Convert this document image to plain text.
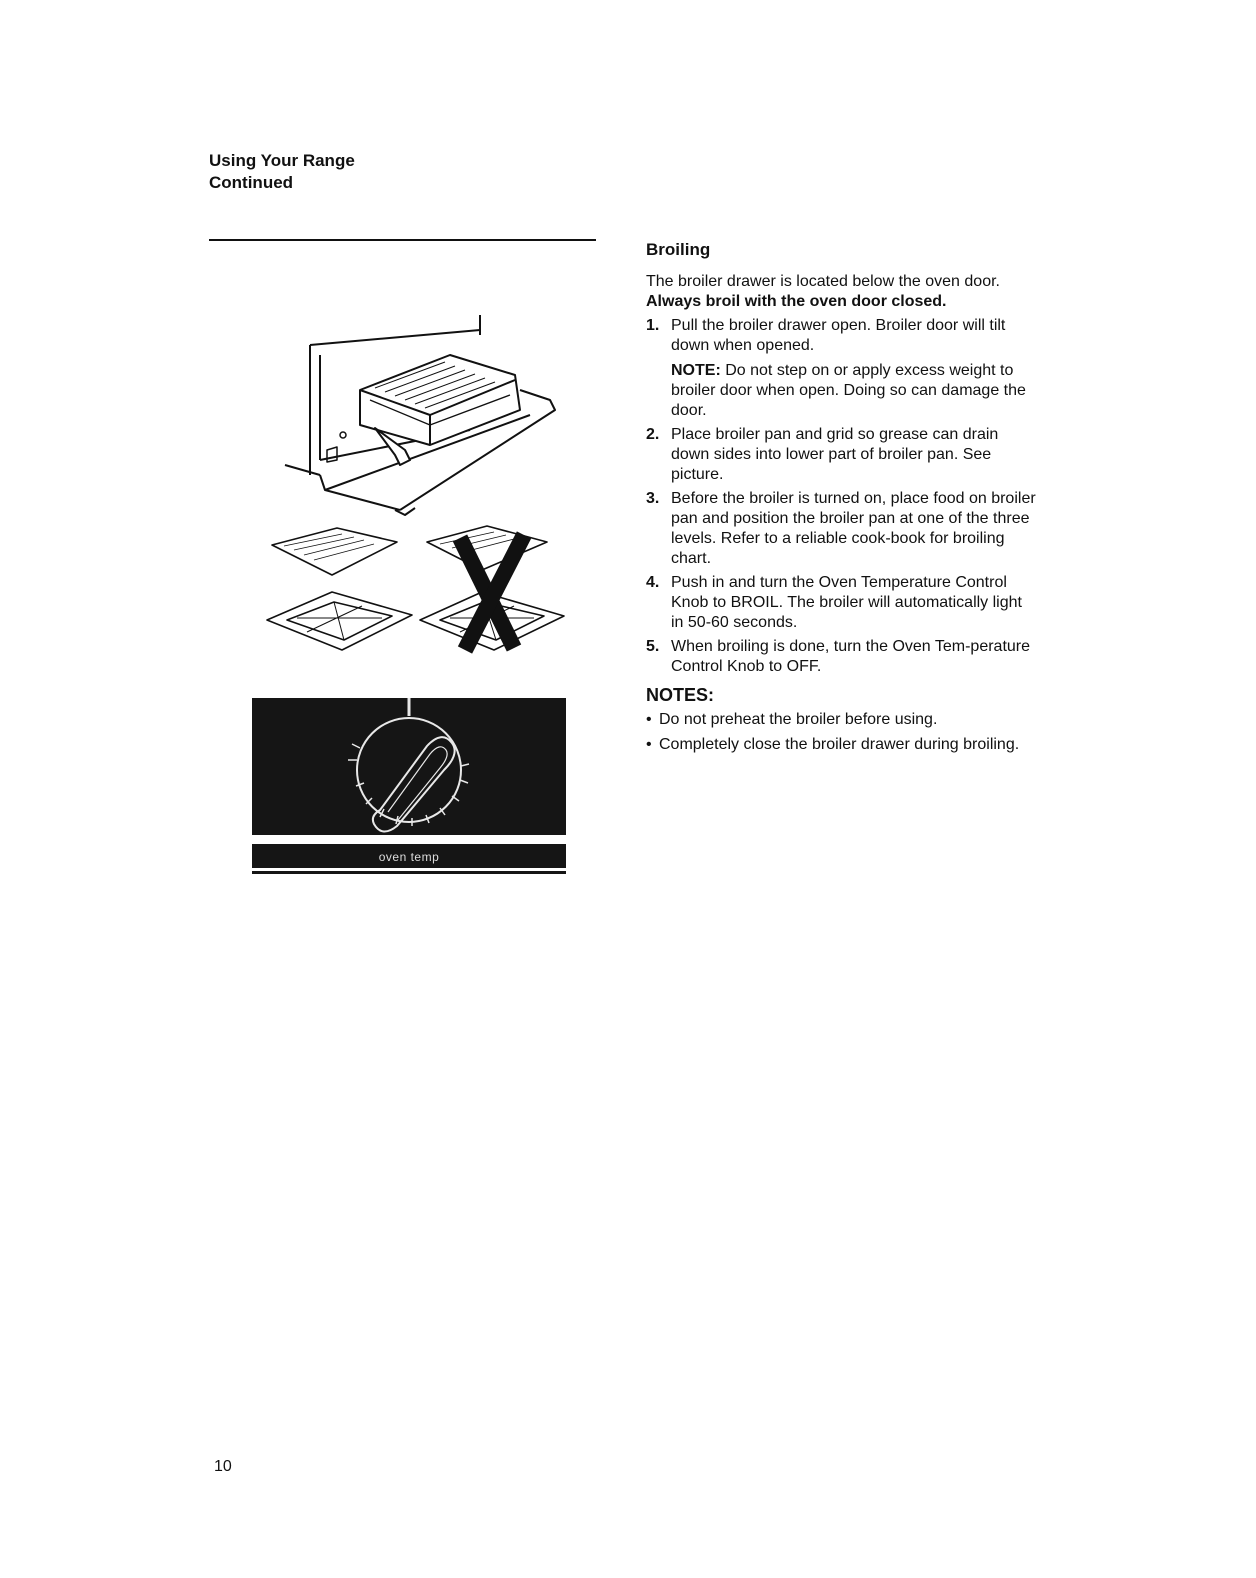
Using Your Range
Continued
oven temp
Broiling

The broiler drawer is located below the oven door. Always broil with the oven door closed.

1. Pull the broiler drawer open. Broiler door will tilt down when opened.

NOTE: Do not step on or apply excess weight to broiler door when open. Doing so can damage the door.

2. Place broiler pan and grid so grease can drain down sides into lower part of broiler pan. See picture.
3. Before the broiler is turned on, place food on broiler pan and position the broiler pan at one of the three levels. Refer to a reliable cook-book for broiling chart.
4. Push in and turn the Oven Temperature Control Knob to BROIL. The broiler will automatically light in 50-60 seconds.
5. When broiling is done, turn the Oven Tem-perature Control Knob to OFF.
NOTES:
• Do not preheat the broiler before using.
• Completely close the broiler drawer during broiling.
10
